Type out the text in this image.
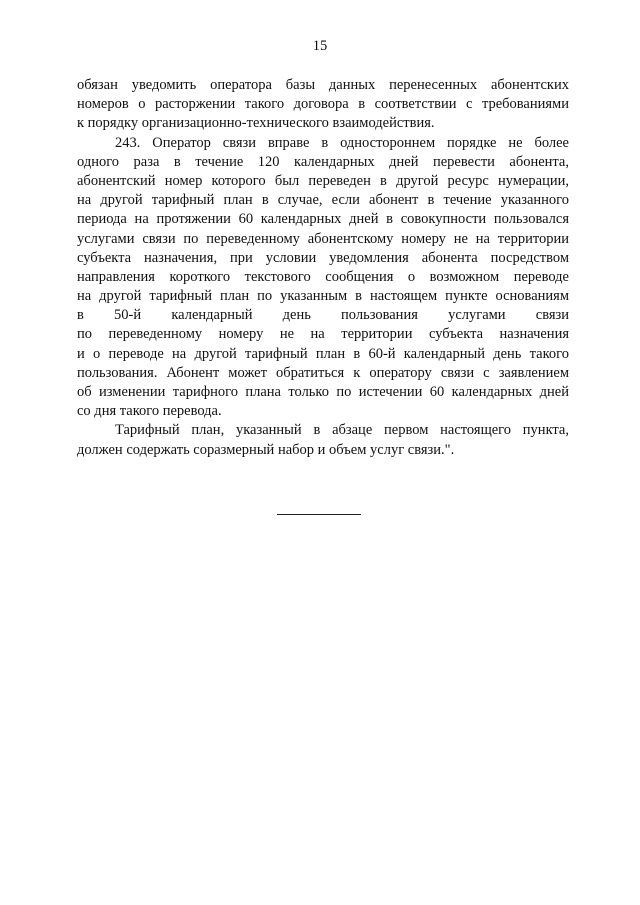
15
обязан уведомить оператора базы данных перенесенных абонентских
номеров о расторжении такого договора в соответствии с требованиями
к порядку организационно-технического взаимодействия.
243. Оператор связи вправе в одностороннем порядке не более
одного раза в течение 120 календарных дней перевести абонента,
абонентский номер которого был переведен в другой ресурс нумерации,
на другой тарифный план в случае, если абонент в течение указанного
периода на протяжении 60 календарных дней в совокупности пользовался
услугами связи по переведенному абонентскому номеру не на территории
субъекта назначения, при условии уведомления абонента посредством
направления короткого текстового сообщения о возможном переводе
на другой тарифный план по указанным в настоящем пункте основаниям
в 50-й календарный день пользования услугами связи
по переведенному номеру не на территории субъекта назначения
и о переводе на другой тарифный план в 60-й календарный день такого
пользования. Абонент может обратиться к оператору связи с заявлением
об изменении тарифного плана только по истечении 60 календарных дней
со дня такого перевода.
Тарифный план, указанный в абзаце первом настоящего пункта,
должен содержать соразмерный набор и объем услуг связи.".
